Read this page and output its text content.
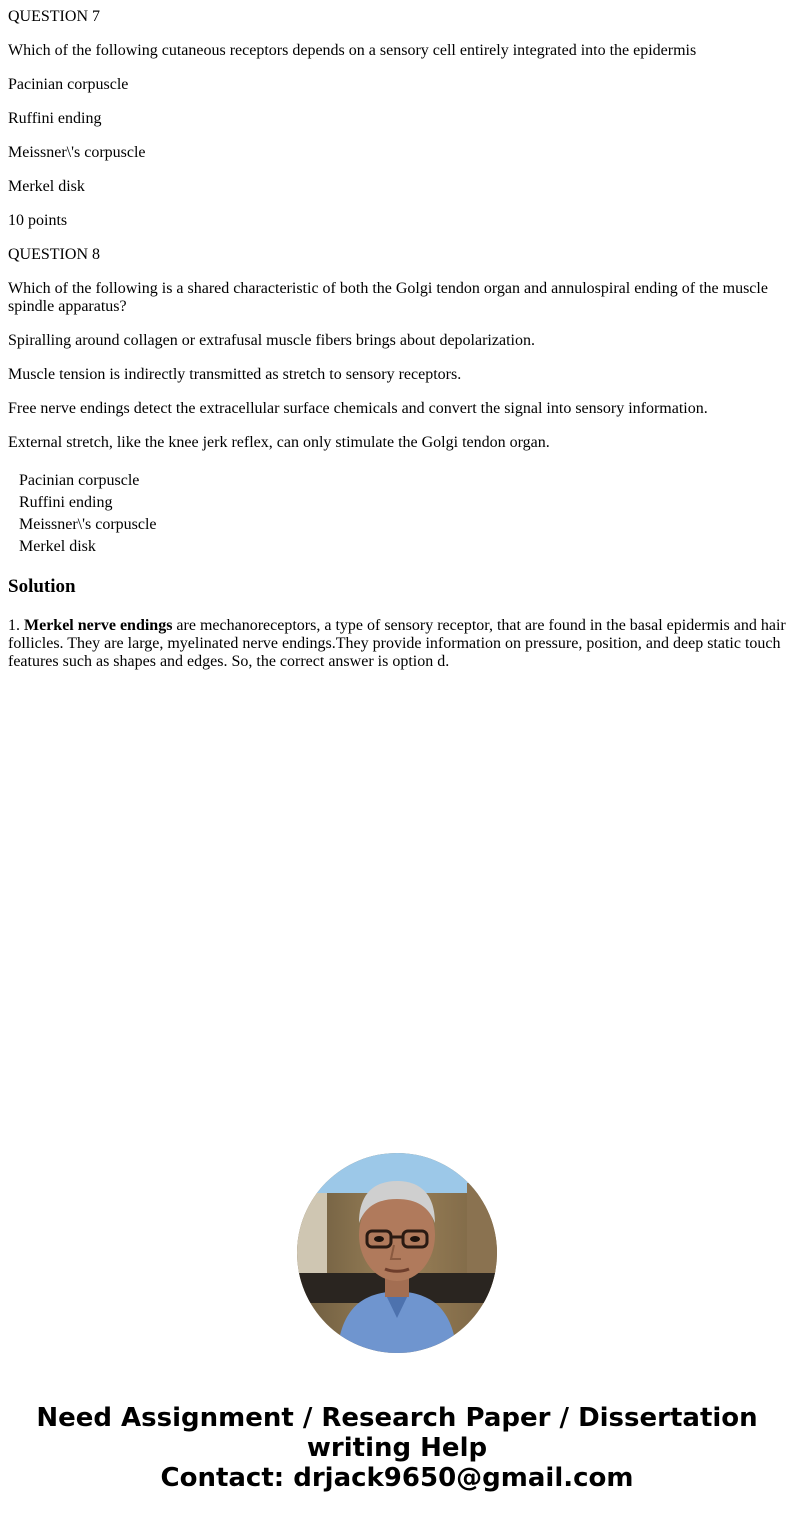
QUESTION 7

Which of the following cutaneous receptors depends on a sensory cell entirely integrated into the epidermis

Pacinian corpuscle

Ruffini ending

Meissner\'s corpuscle

Merkel disk

10 points

QUESTION 8

Which of the following is a shared characteristic of both the Golgi tendon organ and annulospiral ending of the muscle spindle apparatus?

Spiralling around collagen or extrafusal muscle fibers brings about depolarization.

Muscle tension is indirectly transmitted as stretch to sensory receptors.

Free nerve endings detect the extracellular surface chemicals and convert the signal into sensory information.

External stretch, like the knee jerk reflex, can only stimulate the Golgi tendon organ.

Pacinian corpuscle
Ruffini ending
Meissner\'s corpuscle
Merkel disk
Solution

1. Merkel nerve endings are mechanoreceptors, a type of sensory receptor, that are found in the basal epidermis and hair follicles. They are large, myelinated nerve endings.They provide information on pressure, position, and deep static touch features such as shapes and edges. So, the correct answer is option d.

Need Assignment / Research Paper / Dissertation
writing Help
Contact: drjack9650@gmail.com
